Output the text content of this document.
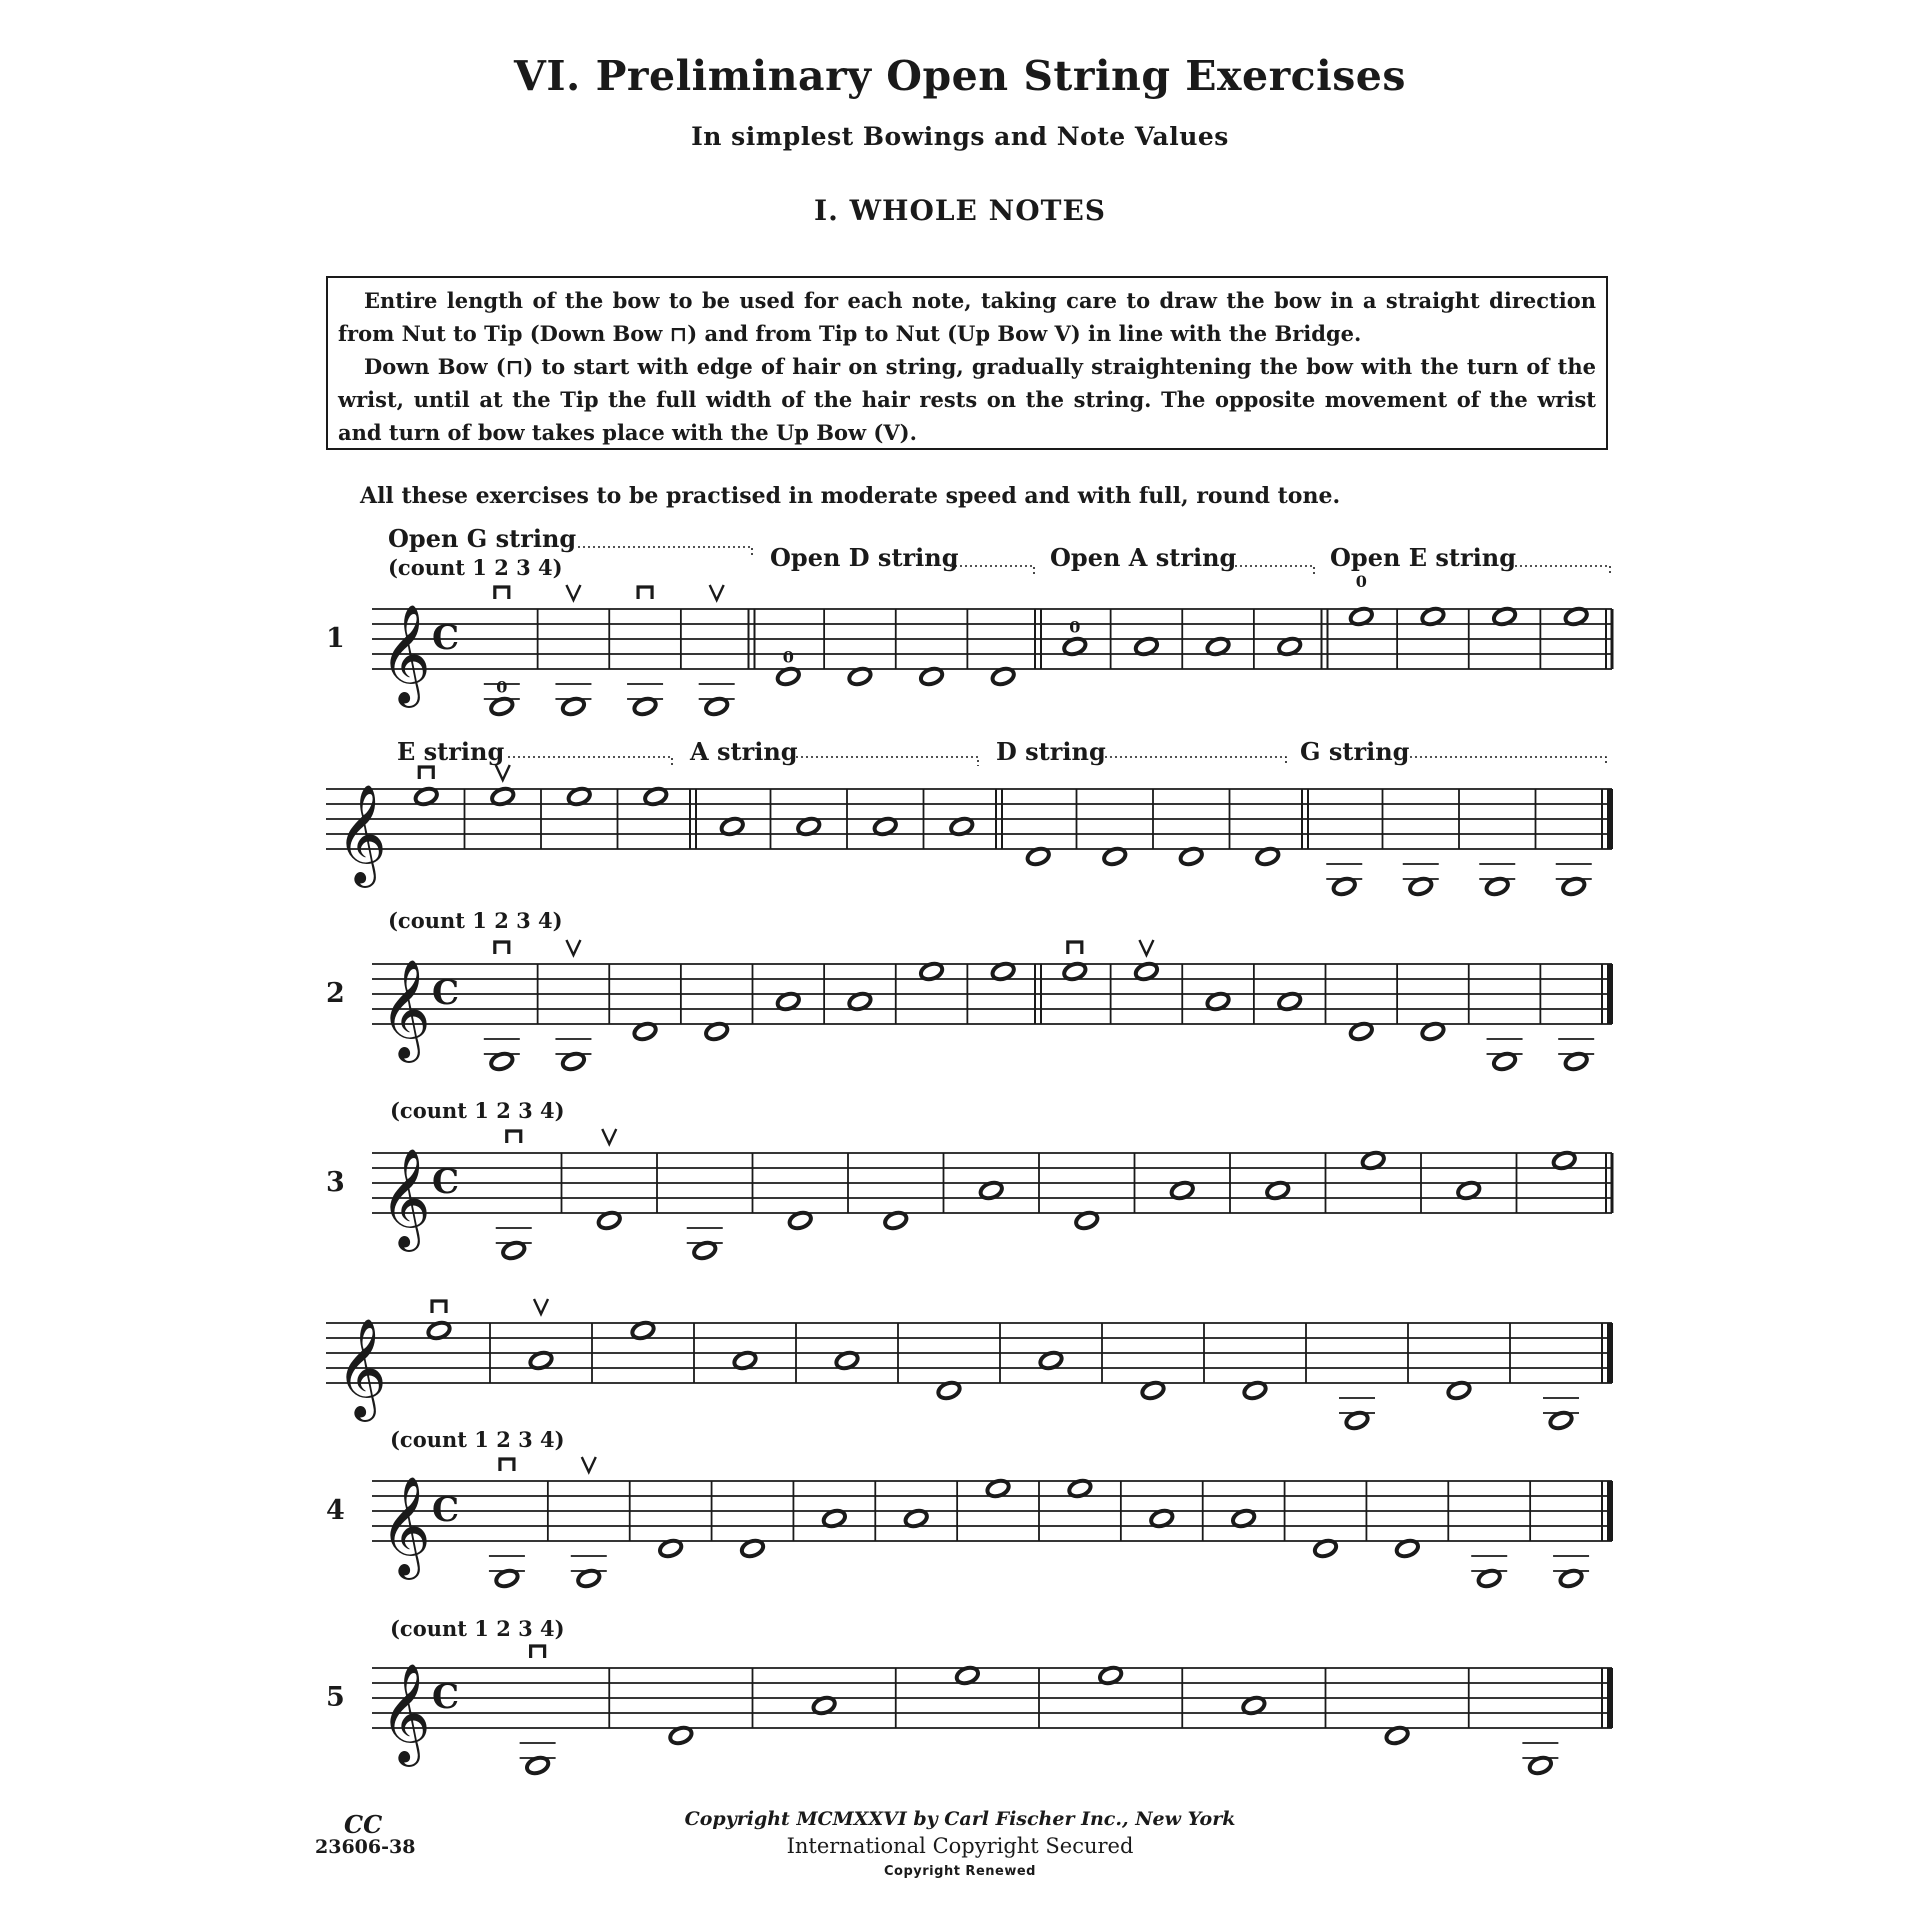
VI. Preliminary Open String Exercises
In simplest Bowings and Note Values
I. WHOLE NOTES

Entire length of the bow to be used for each note, taking care to draw the bow in a straight direction from Nut to Tip (Down Bow ⊓) and from Tip to Nut (Up Bow V) in line with the Bridge.

Down Bow (⊓) to start with edge of hair on string, gradually straightening the bow with the turn of the wrist, until at the Tip the full width of the hair rests on the string. The opposite movement of the wrist and turn of bow takes place with the Up Bow (V).

All these exercises to be practised in moderate speed and with full, round tone.
Open G string
(count 1 2 3 4)	Open D string	Open A string	Open E string
E string	A string	D string	G string
(count 1 2 3 4)
(count 1 2 3 4)
(count 1 2 3 4)
(count 1 2 3 4)
1 𝄞 C
0
0
0
0
𝄞
2 𝄞 C
3 𝄞 C
𝄞
4 𝄞 C
5 𝄞 C
CC
23606-38
Copyright MCMXXVI by Carl Fischer Inc., New York
International Copyright Secured
Copyright Renewed
